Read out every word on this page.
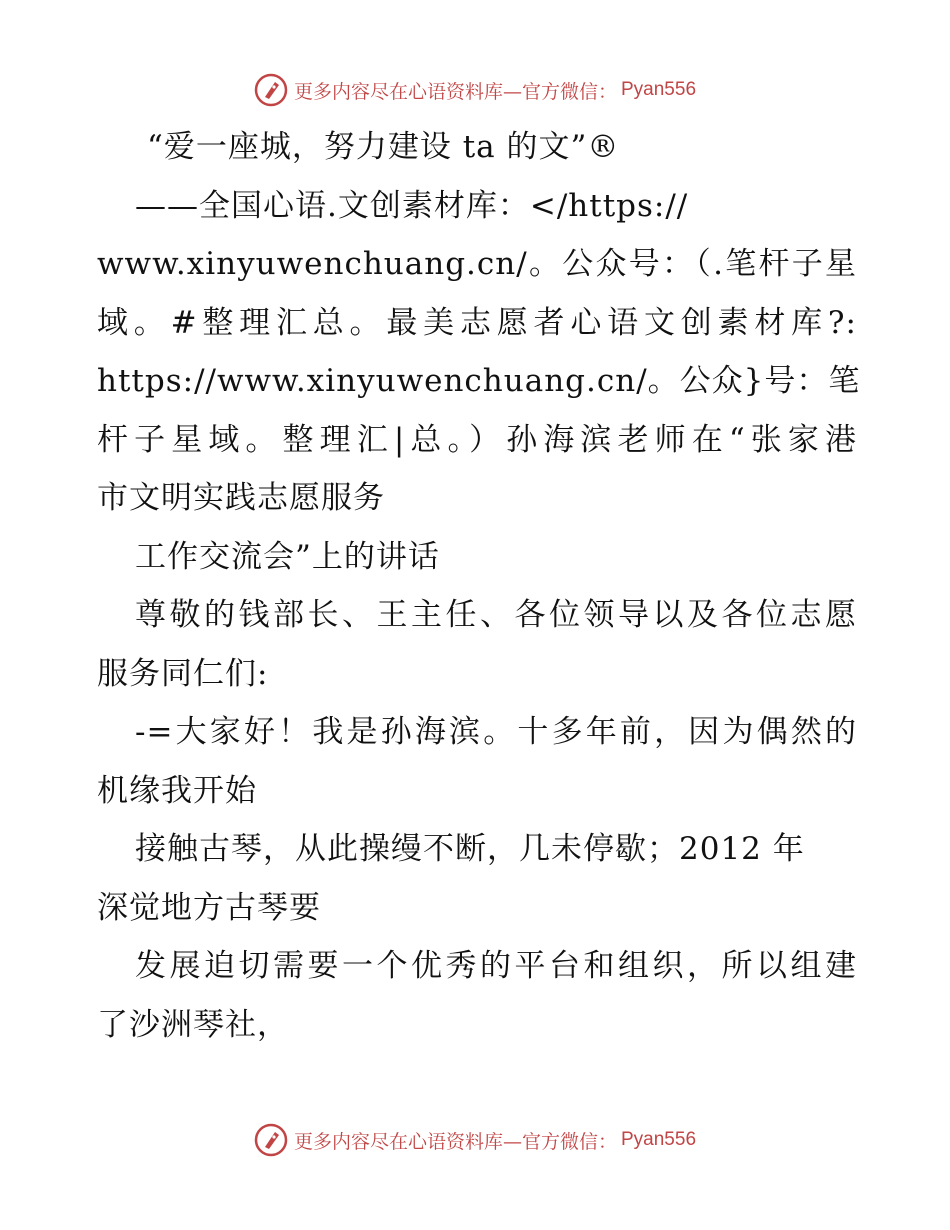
更多内容尽在心语资料库—官方微信： Pyan556
“爱一座城，努力建设 ta 的文”®
——全国心语.文创素材库：</https://
www.xinyuwenchuang.cn/。公众号：（.笔杆子星
域。#整理汇总。最美志愿者心语文创素材库?:
https://www.xinyuwenchuang.cn/。公众}号：笔
杆子星域。整理汇|总。）孙海滨老师在“张家港
市文明实践志愿服务
工作交流会”上的讲话
尊敬的钱部长、王主任、各位领导以及各位志愿
服务同仁们:
-=大家好！我是孙海滨。十多年前，因为偶然的
机缘我开始
接触古琴，从此操缦不断，几未停歇；2012 年
深觉地方古琴要
发展迫切需要一个优秀的平台和组织，所以组建
了沙洲琴社，
更多内容尽在心语资料库—官方微信： Pyan556
